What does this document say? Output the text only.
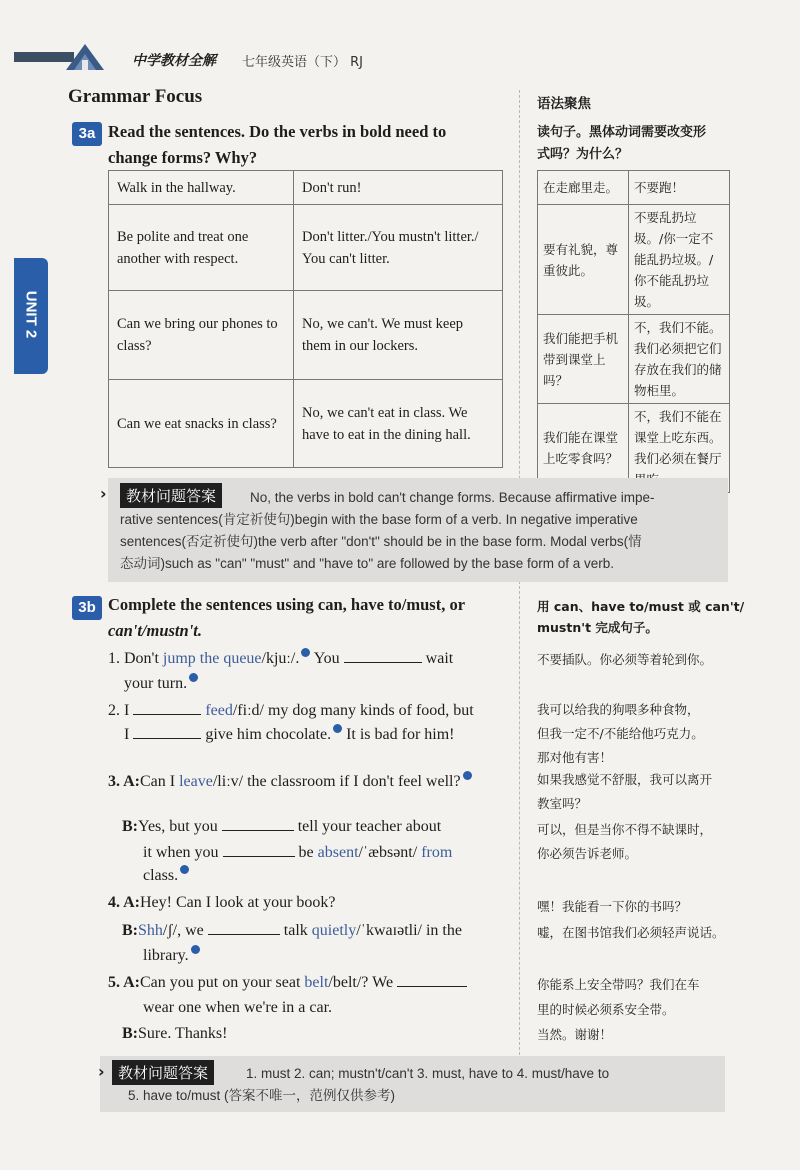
中学教材全解 七年级英语（下） RJ
UNIT 2
Grammar Focus	语法聚焦
3a Read the sentences. Do the verbs in bold need to
change forms? Why?
读句子。黑体动词需要改变形
式吗？为什么？
Walk in the hallway.	Don't run!
Be polite and treat one another with respect.	Don't litter./You mustn't litter./ You can't litter.
Can we bring our phones to class?	No, we can't. We must keep them in our lockers.
Can we eat snacks in class?	No, we can't eat in class. We have to eat in the dining hall.
在走廊里走。	不要跑！
要有礼貌，尊重彼此。	不要乱扔垃圾。/你一定不能乱扔垃圾。/你不能乱扔垃圾。
我们能把手机带到课堂上吗？	不，我们不能。我们必须把它们存放在我们的储物柜里。
我们能在课堂上吃零食吗？	不，我们不能在课堂上吃东西。我们必须在餐厅
›	教材问题答案	No, the verbs in bold can't change forms. Because affirmative impe-
rative sentences(肯定祈使句)begin with the base form of a verb. In negative imperative
sentences(否定祈使句)the verb after "don't" should be in the base form. Modal verbs(情
态动词)such as "can" "must" and "have to" are followed by the base form of a verb.
3b Complete the sentences using can, have to/must, or
can't/mustn't.
用 can、have to/must 或 can't/
mustn't 完成句子。
1. Don't jump the queue/kjuː/. You	wait
your turn.
2. I	feed/fiːd/ my dog many kinds of food, but
I	give him chocolate. It is bad for him!
3. A:Can I leave/liːv/ the classroom if I don't feel well?
B:Yes, but you	tell your teacher about
it when you	be absent/ˈæbsənt/ from
class.
4. A:Hey! Can I look at your book?
B:Shh/ʃ/, we	talk quietly/ˈkwaɪətli/ in the
library.
5. A:Can you put on your seat belt/belt/? We
wear one when we're in a car.
B:Sure. Thanks!
不要插队。你必须等着轮到你。
我可以给我的狗喂多种食物，
但我一定不/不能给他巧克力。
那对他有害！
如果我感觉不舒服，我可以离开
教室吗？
可以，但是当你不得不缺课时，
你必须告诉老师。
嘿！我能看一下你的书吗？
嘘，在图书馆我们必须轻声说话。
你能系上安全带吗？我们在车
里的时候必须系安全带。
当然。谢谢！
› 教材问题答案	1. must 2. can; mustn't/can't 3. must, have to 4. must/have to
5. have to/must (答案不唯一，范例仅供参考)
